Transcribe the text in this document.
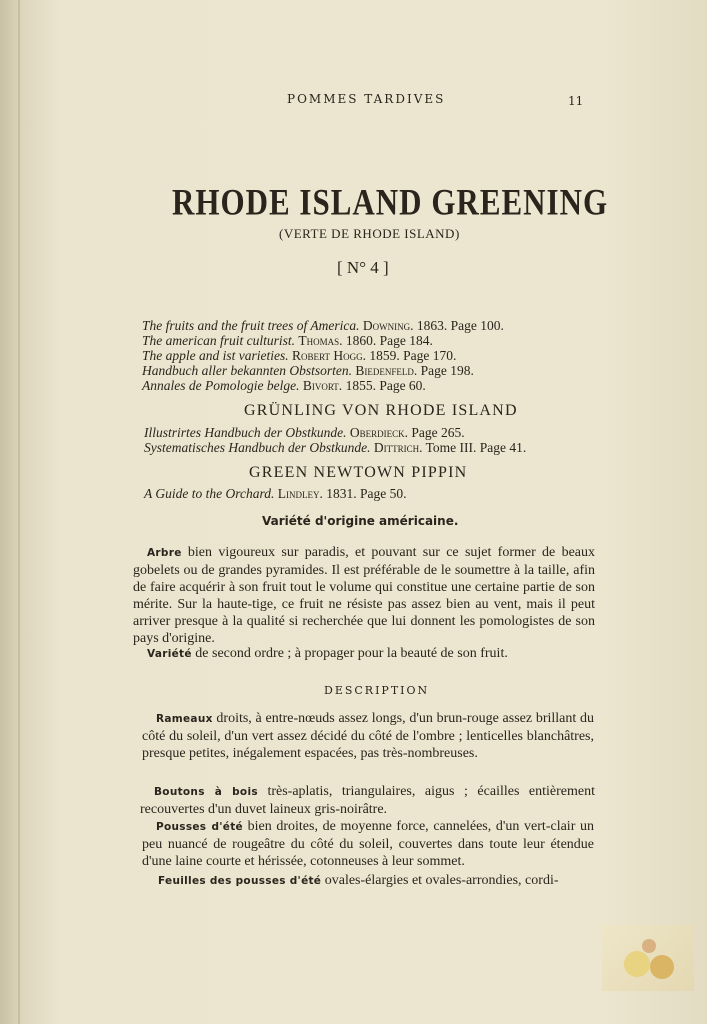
POMMES TARDIVES	11
RHODE ISLAND GREENING
(VERTE DE RHODE ISLAND)
[ N° 4 ]
The fruits and the fruit trees of America. Downing. 1863. Page 100.
The american fruit culturist. Thomas. 1860. Page 184.
The apple and ist varieties. Robert Hogg. 1859. Page 170.
Handbuch aller bekannten Obstsorten. Biedenfeld. Page 198.
Annales de Pomologie belge. Bivort. 1855. Page 60.
GRÜNLING VON RHODE ISLAND
Illustrirtes Handbuch der Obstkunde. Oberdieck. Page 265.
Systematisches Handbuch der Obstkunde. Dittrich. Tome III. Page 41.
GREEN NEWTOWN PIPPIN
A Guide to the Orchard. Lindley. 1831. Page 50.
Variété d'origine américaine.
Arbre bien vigoureux sur paradis, et pouvant sur ce sujet former de beaux gobelets ou de grandes pyramides. Il est préférable de le soumettre à la taille, afin de faire acquérir à son fruit tout le volume qui constitue une certaine partie de son mérite. Sur la haute-tige, ce fruit ne résiste pas assez bien au vent, mais il peut arriver presque à la qualité si recherchée que lui donnent les pomologistes de son pays d'origine.
Variété de second ordre ; à propager pour la beauté de son fruit.
DESCRIPTION
Rameaux droits, à entre-nœuds assez longs, d'un brun-rouge assez brillant du côté du soleil, d'un vert assez décidé du côté de l'ombre ; lenticelles blanchâtres, presque petites, inégalement espacées, pas très-nombreuses.
Boutons à bois très-aplatis, triangulaires, aigus ; écailles entièrement recouvertes d'un duvet laineux gris-noirâtre.
Pousses d'été bien droites, de moyenne force, cannelées, d'un vert-clair un peu nuancé de rougeâtre du côté du soleil, couvertes dans toute leur étendue d'une laine courte et hérissée, cotonneuses à leur sommet.
Feuilles des pousses d'été ovales-élargies et ovales-arrondies, cordi-
